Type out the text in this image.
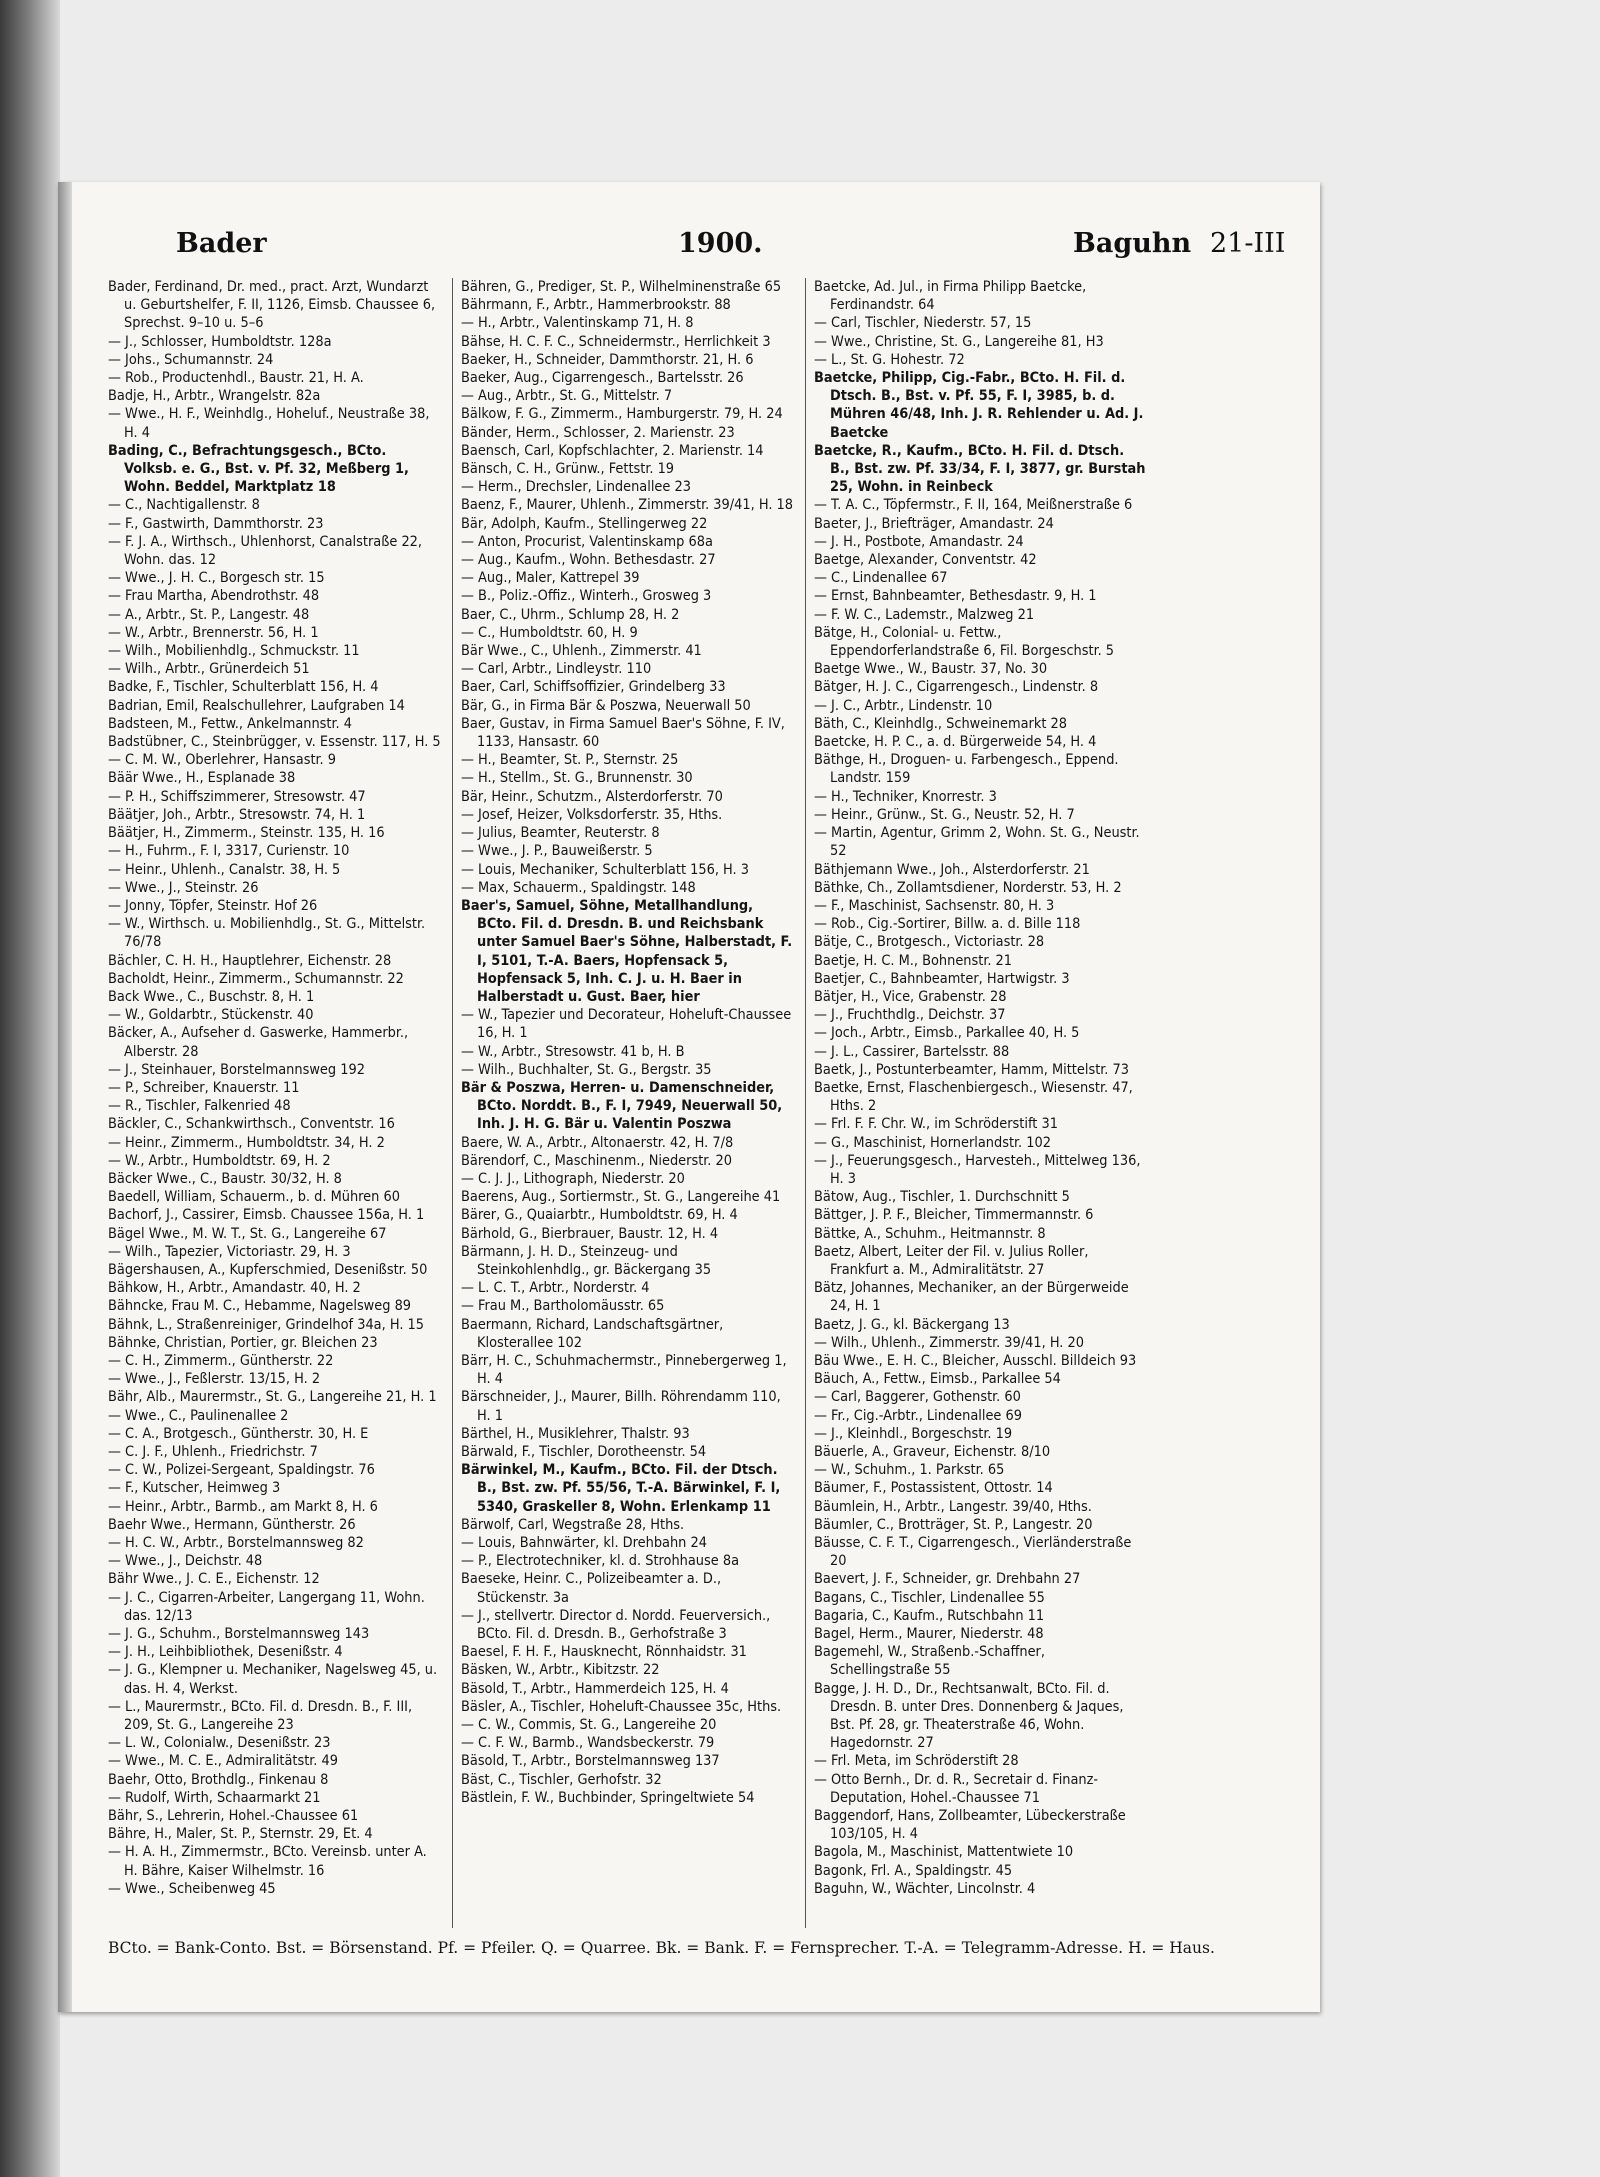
Bader	1900.	Baguhn 21-III

Bader, Ferdinand, Dr. med., pract. Arzt, Wundarzt u. Geburtshelfer, F. II, 1126, Eimsb. Chaussee 6, Sprechst. 9–10 u. 5–6

— J., Schlosser, Humboldtstr. 128a

— Johs., Schumannstr. 24

— Rob., Productenhdl., Baustr. 21, H. A.

Badje, H., Arbtr., Wrangelstr. 82a

— Wwe., H. F., Weinhdlg., Hoheluf., Neustraße 38, H. 4

Bading, C., Befrachtungsgesch., BCto. Volksb. e. G., Bst. v. Pf. 32, Meßberg 1, Wohn. Beddel, Marktplatz 18

— C., Nachtigallenstr. 8

— F., Gastwirth, Dammthorstr. 23

— F. J. A., Wirthsch., Uhlenhorst, Canalstraße 22, Wohn. das. 12

— Wwe., J. H. C., Borgesch str. 15

— Frau Martha, Abendrothstr. 48

— A., Arbtr., St. P., Langestr. 48

— W., Arbtr., Brennerstr. 56, H. 1

— Wilh., Mobilienhdlg., Schmuckstr. 11

— Wilh., Arbtr., Grünerdeich 51

Badke, F., Tischler, Schulterblatt 156, H. 4

Badrian, Emil, Realschullehrer, Laufgraben 14

Badsteen, M., Fettw., Ankelmannstr. 4

Badstübner, C., Steinbrügger, v. Essenstr. 117, H. 5

— C. M. W., Oberlehrer, Hansastr. 9

Bäär Wwe., H., Esplanade 38

— P. H., Schiffszimmerer, Stresowstr. 47

Bäätjer, Joh., Arbtr., Stresowstr. 74, H. 1

Bäätjer, H., Zimmerm., Steinstr. 135, H. 16

— H., Fuhrm., F. I, 3317, Curienstr. 10

— Heinr., Uhlenh., Canalstr. 38, H. 5

— Wwe., J., Steinstr. 26

— Jonny, Töpfer, Steinstr. Hof 26

— W., Wirthsch. u. Mobilienhdlg., St. G., Mittelstr. 76/78

Bächler, C. H. H., Hauptlehrer, Eichenstr. 28

Bacholdt, Heinr., Zimmerm., Schumannstr. 22

Back Wwe., C., Buschstr. 8, H. 1

— W., Goldarbtr., Stückenstr. 40

Bäcker, A., Aufseher d. Gaswerke, Hammerbr., Alberstr. 28

— J., Steinhauer, Borstelmannsweg 192

— P., Schreiber, Knauerstr. 11

— R., Tischler, Falkenried 48

Bäckler, C., Schankwirthsch., Conventstr. 16

— Heinr., Zimmerm., Humboldtstr. 34, H. 2

— W., Arbtr., Humboldtstr. 69, H. 2

Bäcker Wwe., C., Baustr. 30/32, H. 8

Baedell, William, Schauerm., b. d. Mühren 60

Bachorf, J., Cassirer, Eimsb. Chaussee 156a, H. 1

Bägel Wwe., M. W. T., St. G., Langereihe 67

— Wilh., Tapezier, Victoriastr. 29, H. 3

Bägershausen, A., Kupferschmied, Desenißstr. 50

Bähkow, H., Arbtr., Amandastr. 40, H. 2

Bähncke, Frau M. C., Hebamme, Nagelsweg 89

Bähnk, L., Straßenreiniger, Grindelhof 34a, H. 15

Bähnke, Christian, Portier, gr. Bleichen 23

— C. H., Zimmerm., Güntherstr. 22

— Wwe., J., Feßlerstr. 13/15, H. 2

Bähr, Alb., Maurermstr., St. G., Langereihe 21, H. 1

— Wwe., C., Paulinenallee 2

— C. A., Brotgesch., Güntherstr. 30, H. E

— C. J. F., Uhlenh., Friedrichstr. 7

— C. W., Polizei-Sergeant, Spaldingstr. 76

— F., Kutscher, Heimweg 3

— Heinr., Arbtr., Barmb., am Markt 8, H. 6

Baehr Wwe., Hermann, Güntherstr. 26

— H. C. W., Arbtr., Borstelmannsweg 82

— Wwe., J., Deichstr. 48

Bähr Wwe., J. C. E., Eichenstr. 12

— J. C., Cigarren-Arbeiter, Langergang 11, Wohn. das. 12/13

— J. G., Schuhm., Borstelmannsweg 143

— J. H., Leihbibliothek, Desenißstr. 4

— J. G., Klempner u. Mechaniker, Nagelsweg 45, u. das. H. 4, Werkst.

— L., Maurermstr., BCto. Fil. d. Dresdn. B., F. III, 209, St. G., Langereihe 23

— L. W., Colonialw., Desenißstr. 23

— Wwe., M. C. E., Admiralitätstr. 49

Baehr, Otto, Brothdlg., Finkenau 8

— Rudolf, Wirth, Schaarmarkt 21

Bähr, S., Lehrerin, Hohel.-Chaussee 61

Bähre, H., Maler, St. P., Sternstr. 29, Et. 4

— H. A. H., Zimmermstr., BCto. Vereinsb. unter A. H. Bähre, Kaiser Wilhelmstr. 16

— Wwe., Scheibenweg 45

Bähren, G., Prediger, St. P., Wilhelminenstraße 65

Bährmann, F., Arbtr., Hammerbrookstr. 88

— H., Arbtr., Valentinskamp 71, H. 8

Bähse, H. C. F. C., Schneidermstr., Herrlichkeit 3

Baeker, H., Schneider, Dammthorstr. 21, H. 6

Baeker, Aug., Cigarrengesch., Bartelsstr. 26

— Aug., Arbtr., St. G., Mittelstr. 7

Bälkow, F. G., Zimmerm., Hamburgerstr. 79, H. 24

Bänder, Herm., Schlosser, 2. Marienstr. 23

Baensch, Carl, Kopfschlachter, 2. Marienstr. 14

Bänsch, C. H., Grünw., Fettstr. 19

— Herm., Drechsler, Lindenallee 23

Baenz, F., Maurer, Uhlenh., Zimmerstr. 39/41, H. 18

Bär, Adolph, Kaufm., Stellingerweg 22

— Anton, Procurist, Valentinskamp 68a

— Aug., Kaufm., Wohn. Bethesdastr. 27

— Aug., Maler, Kattrepel 39

— B., Poliz.-Offiz., Winterh., Grosweg 3

Baer, C., Uhrm., Schlump 28, H. 2

— C., Humboldtstr. 60, H. 9

Bär Wwe., C., Uhlenh., Zimmerstr. 41

— Carl, Arbtr., Lindleystr. 110

Baer, Carl, Schiffsoffizier, Grindelberg 33

Bär, G., in Firma Bär & Poszwa, Neuerwall 50

Baer, Gustav, in Firma Samuel Baer's Söhne, F. IV, 1133, Hansastr. 60

— H., Beamter, St. P., Sternstr. 25

— H., Stellm., St. G., Brunnenstr. 30

Bär, Heinr., Schutzm., Alsterdorferstr. 70

— Josef, Heizer, Volksdorferstr. 35, Hths.

— Julius, Beamter, Reuterstr. 8

— Wwe., J. P., Bauweißerstr. 5

— Louis, Mechaniker, Schulterblatt 156, H. 3

— Max, Schauerm., Spaldingstr. 148

Baer's, Samuel, Söhne, Metallhandlung, BCto. Fil. d. Dresdn. B. und Reichsbank unter Samuel Baer's Söhne, Halberstadt, F. I, 5101, T.-A. Baers, Hopfensack 5, Hopfensack 5, Inh. C. J. u. H. Baer in Halberstadt u. Gust. Baer, hier

— W., Tapezier und Decorateur, Hoheluft-Chaussee 16, H. 1

— W., Arbtr., Stresowstr. 41 b, H. B

— Wilh., Buchhalter, St. G., Bergstr. 35

Bär & Poszwa, Herren- u. Damenschneider, BCto. Norddt. B., F. I, 7949, Neuerwall 50, Inh. J. H. G. Bär u. Valentin Poszwa

Baere, W. A., Arbtr., Altonaerstr. 42, H. 7/8

Bärendorf, C., Maschinenm., Niederstr. 20

— C. J. J., Lithograph, Niederstr. 20

Baerens, Aug., Sortiermstr., St. G., Langereihe 41

Bärer, G., Quaiarbtr., Humboldtstr. 69, H. 4

Bärhold, G., Bierbrauer, Baustr. 12, H. 4

Bärmann, J. H. D., Steinzeug- und Steinkohlenhdlg., gr. Bäckergang 35

— L. C. T., Arbtr., Norderstr. 4

— Frau M., Bartholomäusstr. 65

Baermann, Richard, Landschaftsgärtner, Klosterallee 102

Bärr, H. C., Schuhmachermstr., Pinnebergerweg 1, H. 4

Bärschneider, J., Maurer, Billh. Röhrendamm 110, H. 1

Bärthel, H., Musiklehrer, Thalstr. 93

Bärwald, F., Tischler, Dorotheenstr. 54

Bärwinkel, M., Kaufm., BCto. Fil. der Dtsch. B., Bst. zw. Pf. 55/56, T.-A. Bärwinkel, F. I, 5340, Graskeller 8, Wohn. Erlenkamp 11

Bärwolf, Carl, Wegstraße 28, Hths.

— Louis, Bahnwärter, kl. Drehbahn 24

— P., Electrotechniker, kl. d. Strohhause 8a

Baeseke, Heinr. C., Polizeibeamter a. D., Stückenstr. 3a

— J., stellvertr. Director d. Nordd. Feuerversich., BCto. Fil. d. Dresdn. B., Gerhofstraße 3

Baesel, F. H. F., Hausknecht, Rönnhaidstr. 31

Bäsken, W., Arbtr., Kibitzstr. 22

Bäsold, T., Arbtr., Hammerdeich 125, H. 4

Bäsler, A., Tischler, Hoheluft-Chaussee 35c, Hths.

— C. W., Commis, St. G., Langereihe 20

— C. F. W., Barmb., Wandsbeckerstr. 79

Bäsold, T., Arbtr., Borstelmannsweg 137

Bäst, C., Tischler, Gerhofstr. 32

Bästlein, F. W., Buchbinder, Springeltwiete 54

Baetcke, Ad. Jul., in Firma Philipp Baetcke, Ferdinandstr. 64

— Carl, Tischler, Niederstr. 57, 15

— Wwe., Christine, St. G., Langereihe 81, H3

— L., St. G. Hohestr. 72

Baetcke, Philipp, Cig.-Fabr., BCto. H. Fil. d. Dtsch. B., Bst. v. Pf. 55, F. I, 3985, b. d. Mühren 46/48, Inh. J. R. Rehlender u. Ad. J. Baetcke

Baetcke, R., Kaufm., BCto. H. Fil. d. Dtsch. B., Bst. zw. Pf. 33/34, F. I, 3877, gr. Burstah 25, Wohn. in Reinbeck

— T. A. C., Töpfermstr., F. II, 164, Meißnerstraße 6

Baeter, J., Briefträger, Amandastr. 24

— J. H., Postbote, Amandastr. 24

Baetge, Alexander, Conventstr. 42

— C., Lindenallee 67

— Ernst, Bahnbeamter, Bethesdastr. 9, H. 1

— F. W. C., Lademstr., Malzweg 21

Bätge, H., Colonial- u. Fettw., Eppendorferlandstraße 6, Fil. Borgeschstr. 5

Baetge Wwe., W., Baustr. 37, No. 30

Bätger, H. J. C., Cigarrengesch., Lindenstr. 8

— J. C., Arbtr., Lindenstr. 10

Bäth, C., Kleinhdlg., Schweinemarkt 28

Baetcke, H. P. C., a. d. Bürgerweide 54, H. 4

Bäthge, H., Droguen- u. Farbengesch., Eppend. Landstr. 159

— H., Techniker, Knorrestr. 3

— Heinr., Grünw., St. G., Neustr. 52, H. 7

— Martin, Agentur, Grimm 2, Wohn. St. G., Neustr. 52

Bäthjemann Wwe., Joh., Alsterdorferstr. 21

Bäthke, Ch., Zollamtsdiener, Norderstr. 53, H. 2

— F., Maschinist, Sachsenstr. 80, H. 3

— Rob., Cig.-Sortirer, Billw. a. d. Bille 118

Bätje, C., Brotgesch., Victoriastr. 28

Baetje, H. C. M., Bohnenstr. 21

Baetjer, C., Bahnbeamter, Hartwigstr. 3

Bätjer, H., Vice, Grabenstr. 28

— J., Fruchthdlg., Deichstr. 37

— Joch., Arbtr., Eimsb., Parkallee 40, H. 5

— J. L., Cassirer, Bartelsstr. 88

Baetk, J., Postunterbeamter, Hamm, Mittelstr. 73

Baetke, Ernst, Flaschenbiergesch., Wiesenstr. 47, Hths. 2

— Frl. F. F. Chr. W., im Schröderstift 31

— G., Maschinist, Hornerlandstr. 102

— J., Feuerungsgesch., Harvesteh., Mittelweg 136, H. 3

Bätow, Aug., Tischler, 1. Durchschnitt 5

Bättger, J. P. F., Bleicher, Timmermannstr. 6

Bättke, A., Schuhm., Heitmannstr. 8

Baetz, Albert, Leiter der Fil. v. Julius Roller, Frankfurt a. M., Admiralitätstr. 27

Bätz, Johannes, Mechaniker, an der Bürgerweide 24, H. 1

Baetz, J. G., kl. Bäckergang 13

— Wilh., Uhlenh., Zimmerstr. 39/41, H. 20

Bäu Wwe., E. H. C., Bleicher, Ausschl. Billdeich 93

Bäuch, A., Fettw., Eimsb., Parkallee 54

— Carl, Baggerer, Gothenstr. 60

— Fr., Cig.-Arbtr., Lindenallee 69

— J., Kleinhdl., Borgeschstr. 19

Bäuerle, A., Graveur, Eichenstr. 8/10

— W., Schuhm., 1. Parkstr. 65

Bäumer, F., Postassistent, Ottostr. 14

Bäumlein, H., Arbtr., Langestr. 39/40, Hths.

Bäumler, C., Brotträger, St. P., Langestr. 20

Bäusse, C. F. T., Cigarrengesch., Vierländerstraße 20

Baevert, J. F., Schneider, gr. Drehbahn 27

Bagans, C., Tischler, Lindenallee 55

Bagaria, C., Kaufm., Rutschbahn 11

Bagel, Herm., Maurer, Niederstr. 48

Bagemehl, W., Straßenb.-Schaffner, Schellingstraße 55

Bagge, J. H. D., Dr., Rechtsanwalt, BCto. Fil. d. Dresdn. B. unter Dres. Donnenberg & Jaques, Bst. Pf. 28, gr. Theaterstraße 46, Wohn. Hagedornstr. 27

— Frl. Meta, im Schröderstift 28

— Otto Bernh., Dr. d. R., Secretair d. Finanz-Deputation, Hohel.-Chaussee 71

Baggendorf, Hans, Zollbeamter, Lübeckerstraße 103/105, H. 4

Bagola, M., Maschinist, Mattentwiete 10

Bagonk, Frl. A., Spaldingstr. 45

Baguhn, W., Wächter, Lincolnstr. 4

BCto. = Bank-Conto. Bst. = Börsenstand. Pf. = Pfeiler. Q. = Quarree. Bk. = Bank. F. = Fernsprecher. T.-A. = Telegramm-Adresse. H. = Haus.
